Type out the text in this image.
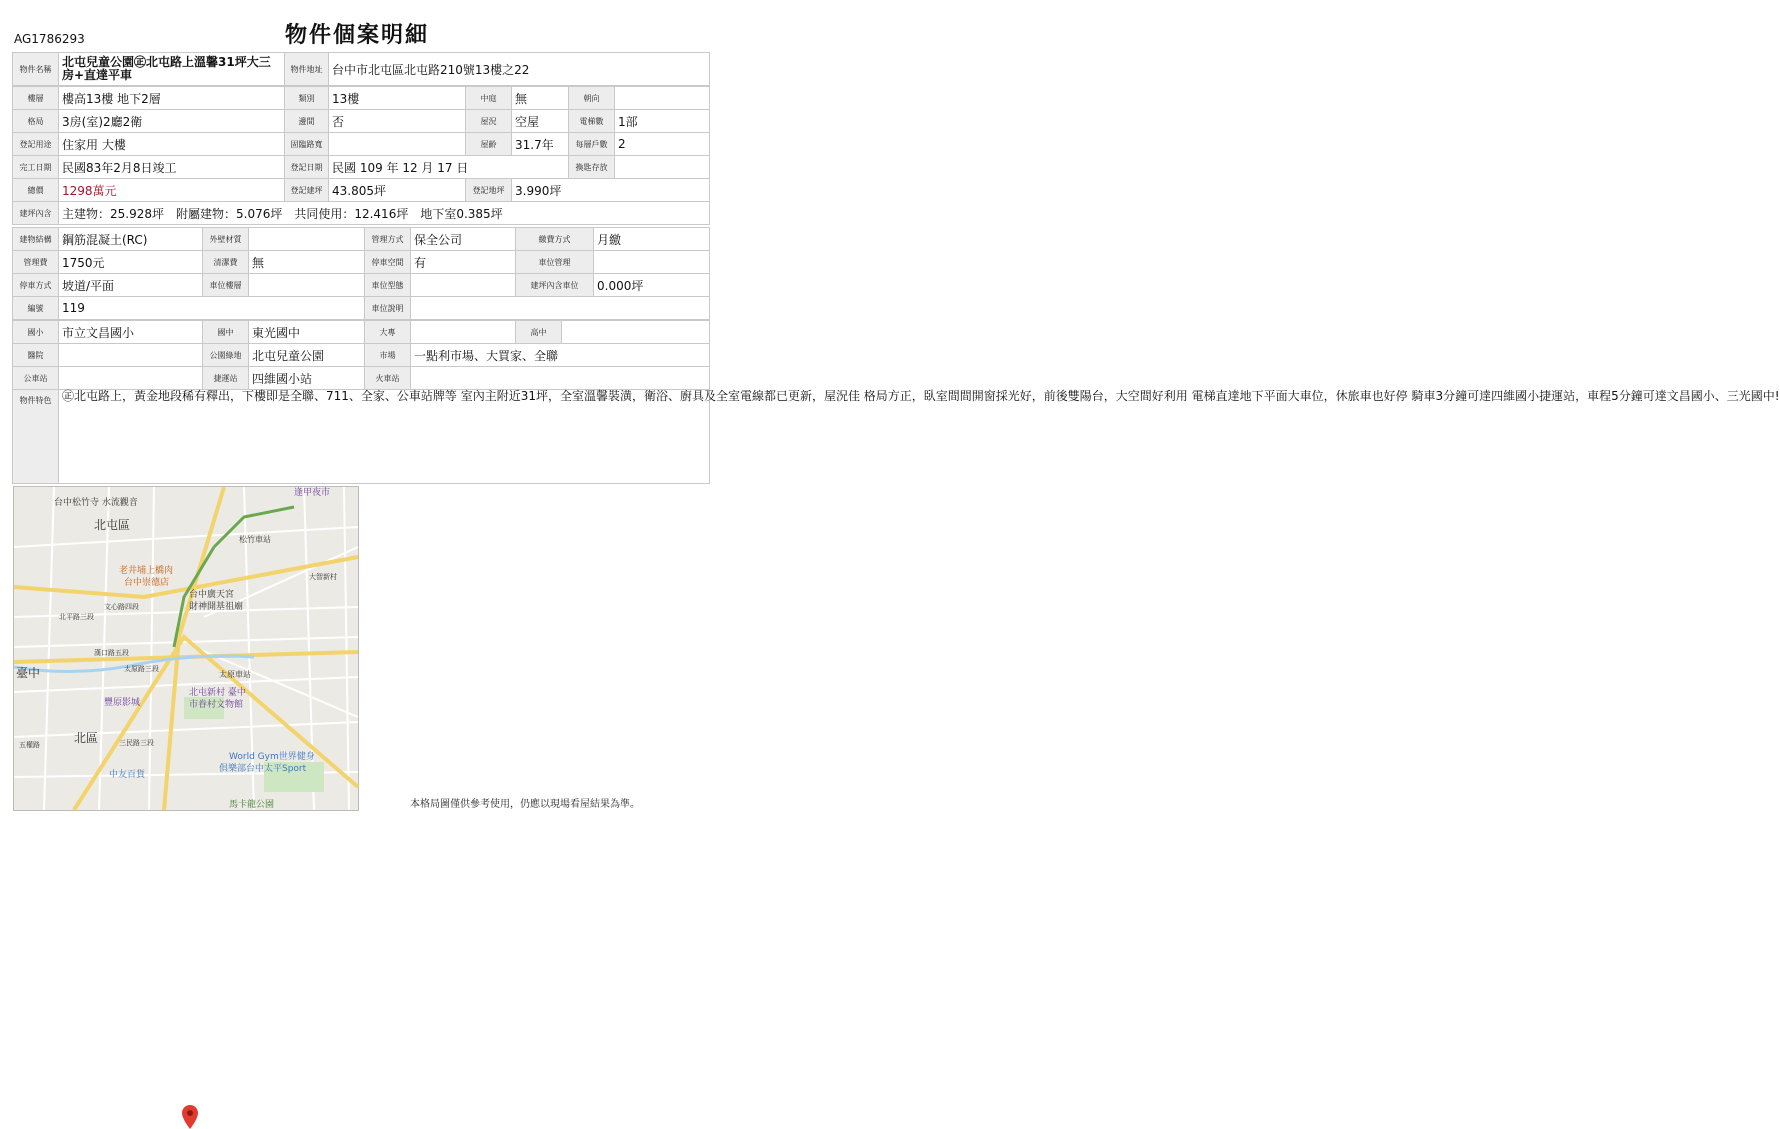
AG1786293	物件個案明細
物件名稱	北屯兒童公園㊣北屯路上溫馨31坪大三房+直達平車	物件地址	台中市北屯區北屯路210號13樓之22
樓層	樓高13樓 地下2層	類別	13樓	中庭	無	朝向	
格局	3房(室)2廳2衛	邊間	否	屋況	空屋	電梯數	1部
登記用途	住家用 大樓	固臨路寬		屋齡	31.7年	每層戶數	2
完工日期	民國83年2月8日竣工	登記日期	民國 109 年 12 月 17 日			換匙存放	
總價	1298萬元	登記建坪	43.805坪	登記地坪	3.990坪
建坪內含	主建物：25.928坪　附屬建物：5.076坪　共同使用：12.416坪　地下室0.385坪				
建物結構	鋼筋混凝土(RC)	外壁材質		管理方式	保全公司	繳費方式	月繳
管理費	1750元	清潔費	無	停車空間	有	車位管理	
停車方式	坡道/平面	車位樓層		車位型態		建坪內含車位	0.000坪
編號	119			車位說明			
國小	市立文昌國小	國中	東光國中	大專		高中	
醫院		公園綠地	北屯兒童公園	市場	一點利市場、大買家、全聯		
公車站		捷運站	四維國小站	火車站			
物件特色	㊣北屯路上，黃金地段稀有釋出，下樓即是全聯、711、全家、公車站牌等 室內主附近31坪，全室溫馨裝潢，衛浴、廚具及全室電線都已更新，屋況佳 格局方正，臥室間間開窗採光好，前後雙陽台，大空間好利用 電梯直達地下平面大車位，休旅車也好停 騎車3分鐘可達四維國小捷運站，車程5分鐘可達文昌國小、三光國中!
台中松竹寺 水流觀音
逢甲夜市
北屯區
松竹車站
老井埔上橋肉
台中崇德店
台中廣天宮
財神開基祖廟
北平路三段
文心路四段
大智新村
漢口路五段
太原路三段
臺中	太原車站
北屯新村 臺中
市眷村文物館
豐原影城
北區	三民路三段
五權路
World Gym世界健身
俱樂部台中太平Sport
中友百貨
馬卡龍公園	本格局圖僅供參考使用，仍應以現場看屋結果為準。
